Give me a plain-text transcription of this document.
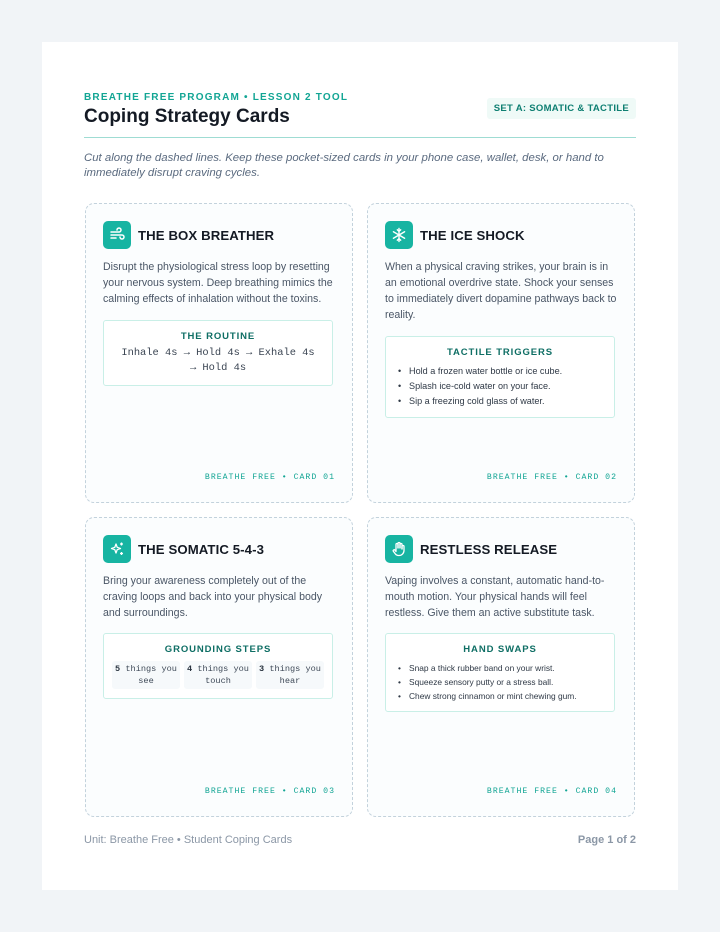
BREATHE FREE PROGRAM • LESSON 2 TOOL
Coping Strategy Cards	SET A: SOMATIC & TACTILE
Cut along the dashed lines. Keep these pocket-sized cards in your phone case, wallet, desk, or hand to immediately disrupt craving cycles.
THE BOX BREATHER
Disrupt the physiological stress loop by resetting your nervous system. Deep breathing mimics the calming effects of inhalation without the toxins.
THE ROUTINE
Inhale 4s → Hold 4s → Exhale 4s → Hold 4s
BREATHE FREE • CARD 01
THE ICE SHOCK
When a physical craving strikes, your brain is in an emotional overdrive state. Shock your senses to immediately divert dopamine pathways back to reality.
TACTILE TRIGGERS
• Hold a frozen water bottle or ice cube.
• Splash ice-cold water on your face.
• Sip a freezing cold glass of water.
BREATHE FREE • CARD 02
THE SOMATIC 5-4-3
Bring your awareness completely out of the craving loops and back into your physical body and surroundings.
GROUNDING STEPS
5 things you
see
4 things you
touch
3 things you
hear
BREATHE FREE • CARD 03
RESTLESS RELEASE
Vaping involves a constant, automatic hand-to-mouth motion. Your physical hands will feel restless. Give them an active substitute task.
HAND SWAPS
• Snap a thick rubber band on your wrist.
• Squeeze sensory putty or a stress ball.
• Chew strong cinnamon or mint chewing gum.
BREATHE FREE • CARD 04
Unit: Breathe Free • Student Coping Cards	Page 1 of 2
